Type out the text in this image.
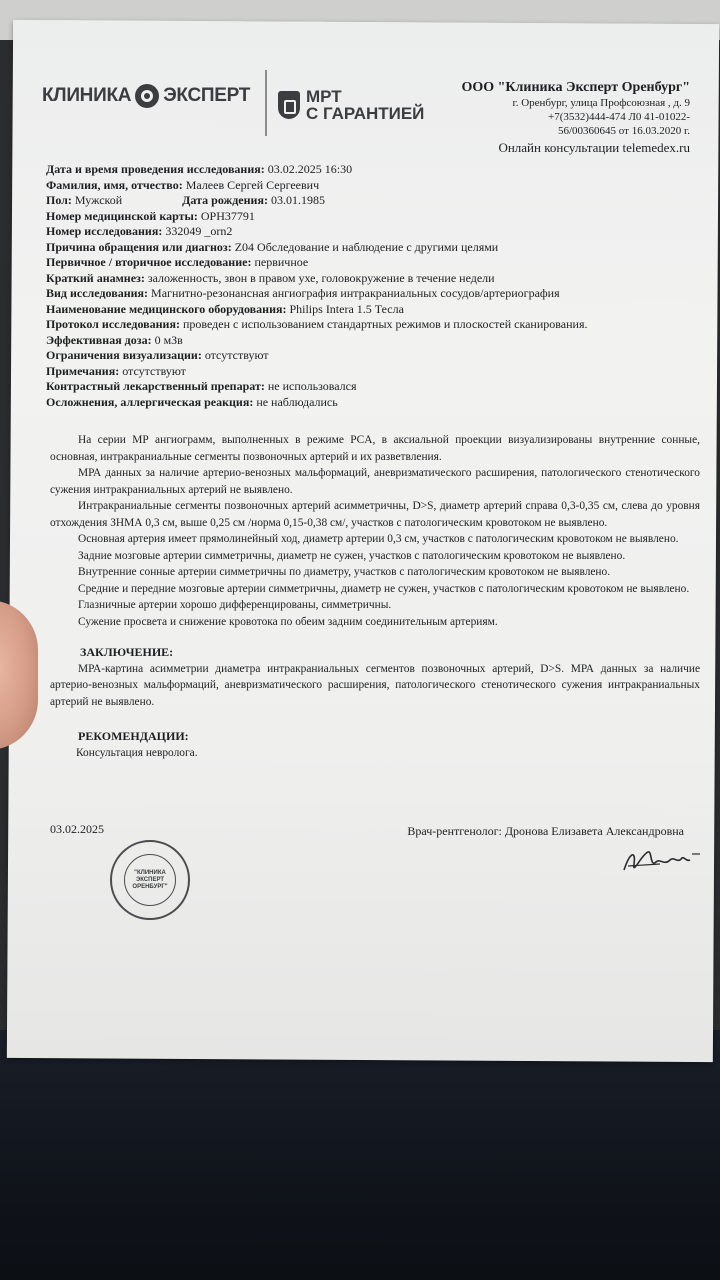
КЛИНИКА ЭКСПЕРТ	МРТ
С ГАРАНТИЕЙ
ООО "Клиника Эксперт Оренбург"
г. Оренбург, улица Профсоюзная , д. 9
+7(3532)444-474 Л0 41-01022-
56/00360645 от 16.03.2020 г.
Онлайн консультации telemedex.ru
Дата и время проведения исследования: 03.02.2025 16:30
Фамилия, имя, отчество: Малеев Сергей Сергеевич
Пол: Мужской	Дата рождения: 03.01.1985
Номер медицинской карты: ОРН37791
Номер исследования: 332049 _orn2
Причина обращения или диагноз: Z04 Обследование и наблюдение с другими целями
Первичное / вторичное исследование: первичное
Краткий анамнез: заложенность, звон в правом ухе, головокружение в течение недели
Вид исследования: Магнитно-резонансная ангиография интракраниальных сосудов/артериография
Наименование медицинского оборудования: Philips Intera 1.5 Тесла
Протокол исследования: проведен с использованием стандартных режимов и плоскостей сканирования.
Эффективная доза: 0 мЗв
Ограничения визуализации: отсутствуют
Примечания: отсутствуют
Контрастный лекарственный препарат: не использовался
Осложнения, аллергическая реакция: не наблюдались

На серии МР ангиограмм, выполненных в режиме PCA, в аксиальной проекции визуализированы внутренние сонные, основная, интракраниальные сегменты позвоночных артерий и их разветвления.

МРА данных за наличие артерио-венозных мальформаций, аневризматического расширения, патологического стенотического сужения интракраниальных артерий не выявлено.

Интракраниальные сегменты позвоночных артерий асимметричны, D>S, диаметр артерий справа 0,3-0,35 см, слева до уровня отхождения ЗНМА 0,3 см, выше 0,25 см /норма 0,15-0,38 см/, участков с патологическим кровотоком не выявлено.

Основная артерия имеет прямолинейный ход, диаметр артерии 0,3 см, участков с патологическим кровотоком не выявлено.

Задние мозговые артерии симметричны, диаметр не сужен, участков с патологическим кровотоком не выявлено.

Внутренние сонные артерии симметричны по диаметру, участков с патологическим кровотоком не выявлено.

Средние и передние мозговые артерии симметричны, диаметр не сужен, участков с патологическим кровотоком не выявлено.

Глазничные артерии хорошо дифференцированы, симметричны.

Сужение просвета и снижение кровотока по обеим задним соединительным артериям.

ЗАКЛЮЧЕНИЕ:

МРА-картина асимметрии диаметра интракраниальных сегментов позвоночных артерий, D>S. МРА данных за наличие артерио-венозных мальформаций, аневризматического расширения, патологического стенотического сужения интракраниальных артерий не выявлено.

РЕКОМЕНДАЦИИ:
Консультация невролога.
03.02.2025	Врач-рентгенолог: Дронова Елизавета Александровна
"КЛИНИКА ЭКСПЕРТ ОРЕНБУРГ"
